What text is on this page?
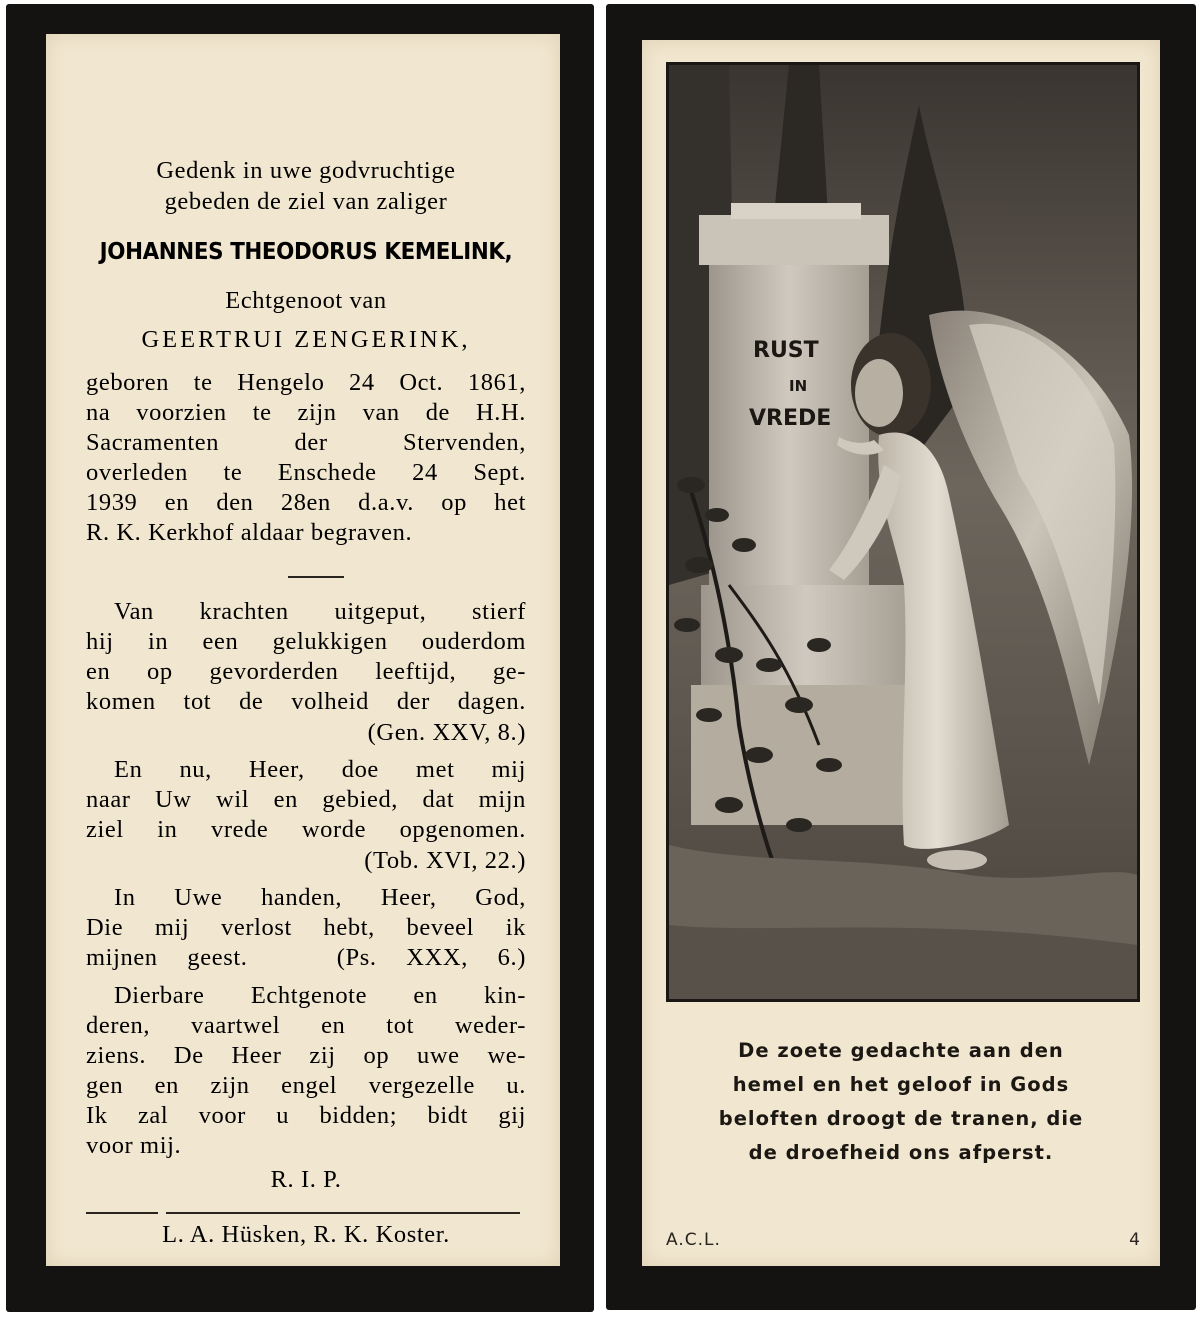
Gedenk in uwe godvruchtige
gebeden de ziel van zaliger
JOHANNES THEODORUS KEMELINK,
Echtgenoot van
GEERTRUI ZENGERINK,
geboren te Hengelo 24 Oct. 1861,
na voorzien te zijn van de H.H.
Sacramenten der Stervenden,
overleden te Enschede 24 Sept.
1939 en den 28en d.a.v. op het
R. K. Kerkhof aldaar begraven.
Van krachten uitgeput, stierf
hij in een gelukkigen ouderdom
en op gevorderden leeftijd, ge-
komen tot de volheid der dagen.
(Gen. XXV, 8.)
En nu, Heer, doe met mij
naar Uw wil en gebied, dat mijn
ziel in vrede worde opgenomen.
(Tob. XVI, 22.)
In Uwe handen, Heer, God,
Die mij verlost hebt, beveel ik
mijnen geest.   (Ps. XXX, 6.)
Dierbare Echtgenote en kin-
deren, vaartwel en tot weder-
ziens. De Heer zij op uwe we-
gen en zijn engel vergezelle u.
Ik zal voor u bidden; bidt gij
voor mij.
R. I. P.
L. A. Hüsken, R. K. Koster.
RUST
IN
VREDE
De zoete gedachte aan den
hemel en het geloof in Gods
beloften droogt de tranen, die
de droefheid ons afperst.
A.C.L.	4
